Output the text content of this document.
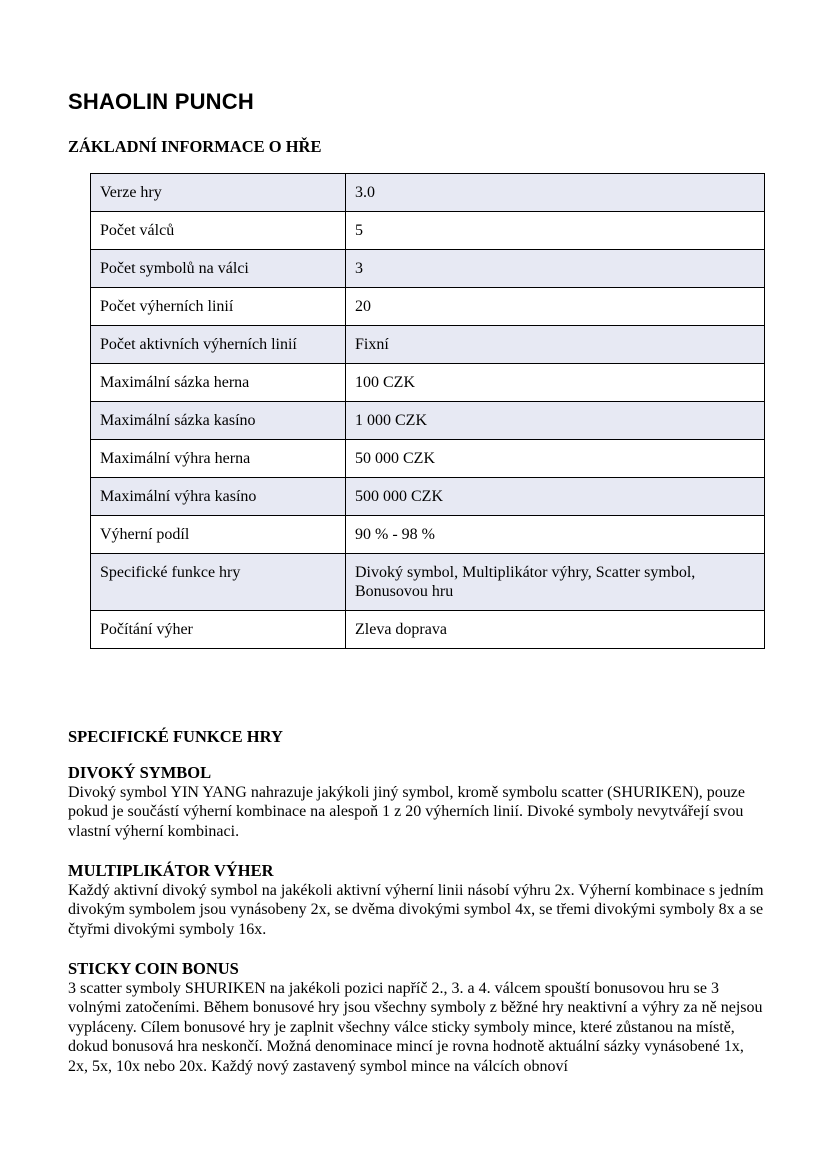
SHAOLIN PUNCH
ZÁKLADNÍ INFORMACE O HŘE
Verze hry	3.0
Počet válců	5
Počet symbolů na válci	3
Počet výherních linií	20
Počet aktivních výherních linií	Fixní
Maximální sázka herna	100 CZK
Maximální sázka kasíno	1 000 CZK
Maximální výhra herna	50 000 CZK
Maximální výhra kasíno	500 000 CZK
Výherní podíl	90 % - 98 %
Specifické funkce hry	Divoký symbol, Multiplikátor výhry, Scatter symbol, Bonusovou hru
Počítání výher	Zleva doprava
SPECIFICKÉ FUNKCE HRY
DIVOKÝ SYMBOL

Divoký symbol YIN YANG nahrazuje jakýkoli jiný symbol, kromě symbolu scatter (SHURIKEN), pouze pokud je součástí výherní kombinace na alespoň 1 z 20 výherních linií. Divoké symboly nevytvářejí svou vlastní výherní kombinaci.

MULTIPLIKÁTOR VÝHER

Každý aktivní divoký symbol na jakékoli aktivní výherní linii násobí výhru 2x. Výherní kombinace s jedním divokým symbolem jsou vynásobeny 2x, se dvěma divokými symbol 4x, se třemi divokými symboly 8x a se čtyřmi divokými symboly 16x.

STICKY COIN BONUS

3 scatter symboly SHURIKEN na jakékoli pozici napříč 2., 3. a 4. válcem spouští bonusovou hru se 3 volnými zatočeními. Během bonusové hry jsou všechny symboly z běžné hry neaktivní a výhry za ně nejsou vypláceny. Cílem bonusové hry je zaplnit všechny válce sticky symboly mince, které zůstanou na místě, dokud bonusová hra neskončí. Možná denominace mincí je rovna hodnotě aktuální sázky vynásobené 1x, 2x, 5x, 10x nebo 20x. Každý nový zastavený symbol mince na válcích obnoví
